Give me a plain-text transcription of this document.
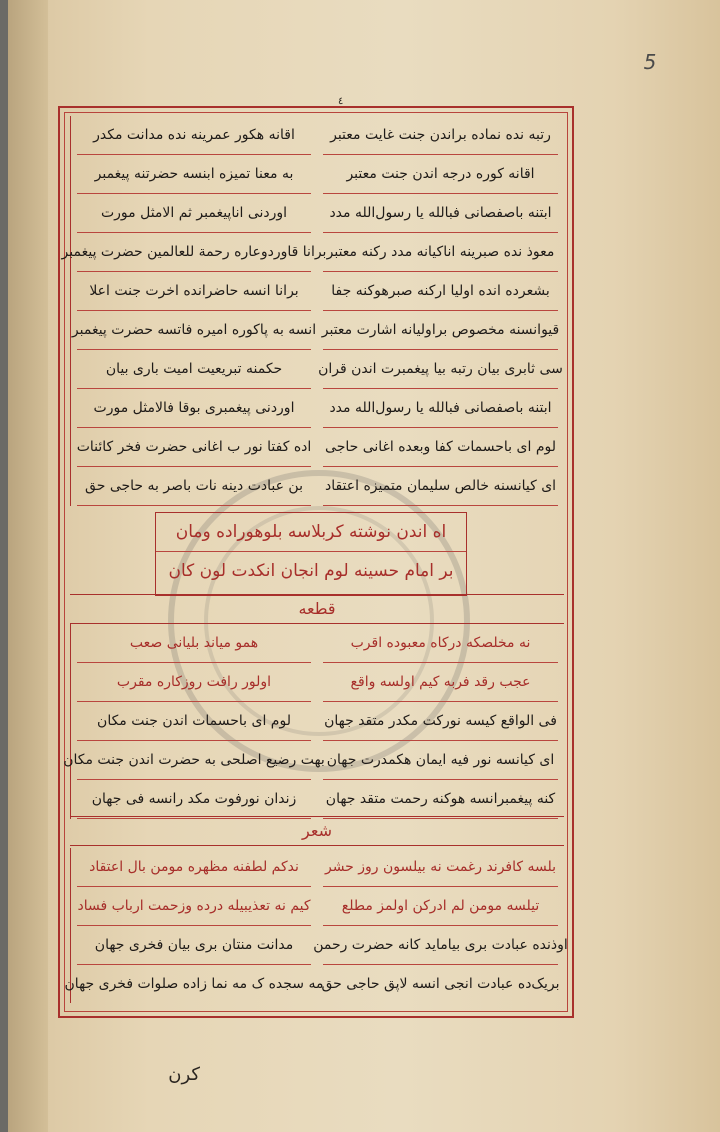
5
٤
رتبه نده نماده براندن جنت غایت معتبر
اقانه کوره درجه اندن جنت معتبر
ابتنه باصفصانی فبالله یا رسول‌الله مدد
معوذ نده صبرینه اناکیانه مدد رکنه معتبر
بشعرده انده اولیا ارکنه صبرهوکنه جفا
قیوانسنه مخصوص براولیانه اشارت معتبر
سی ثابری بیان رتبه بیا پیغمبرت اندن قران
ابتنه باصفصانی فبالله یا رسول‌الله مدد
لوم ای باحسمات کفا وبعده اغانی حاجی
ای کیانسنه خالص سلیمان متمیزه اعتقاد
اقانه هکور عمرینه نده مدانت مکدر
به معنا تمیزه ابنسه حضرتنه پیغمبر
اوردنی اناپیغمبر ثم الامثل مورت
برانا قاوردوعاره رحمة للعالمین حضرت پیغمبر
برانا انسه حاضرانده اخرت جنت اعلا
انسه به پاکوره امیره فاتسه حضرت پیغمبر
حکمنه تبریعیت امیت باری بیان
اوردنی پیغمبری بوقا فالامثل مورت
اده کفتا نور ب اغانی حضرت فخر کائنات
بن عبادت دینه نات باصر به حاجی حق
اه اندن نوشته کربلاسه بلوهوراده ومان
بر امام حسینه لوم انجان انکدت لون کان
قطعه
نه مخلصکه درکاه معبوده اقرب
عجب رقد فربه کیم اولسه واقع
همو میاند بلیانی صعب
اولور رافت روزکاره مقرب
فی الواقع کیسه نورکت مکدر متقد جهان
ای کیانسه نور فیه ایمان هکمدرت جهان
کنه پیغمبرانسه هوکنه رحمت متقد جهان
لوم ای باحسمات اندن جنت مکان
بهت رضیع اصلحی به حضرت اندن جنت مکان
زندان نورفوت مکد رانسه فی جهان
شعر
بلسه کافرند رغمت نه بیلسون روز حشر
تیلسه مومن لم ادرکن اولمز مطلع
ندکم لطفنه مظهره مومن بال اعتقاد
کیم نه تعذیبیله درده وزحمت ارباب فساد
اوذنده عبادت بری بیاماید کانه حضرت رحمن
بریک‌ده عبادت انجی انسه لاپق حاجی حق
مدانت منتان بری بیان فخری جهان
مه سجده ک مه نما زاده صلوات فخری جهان
کرن
